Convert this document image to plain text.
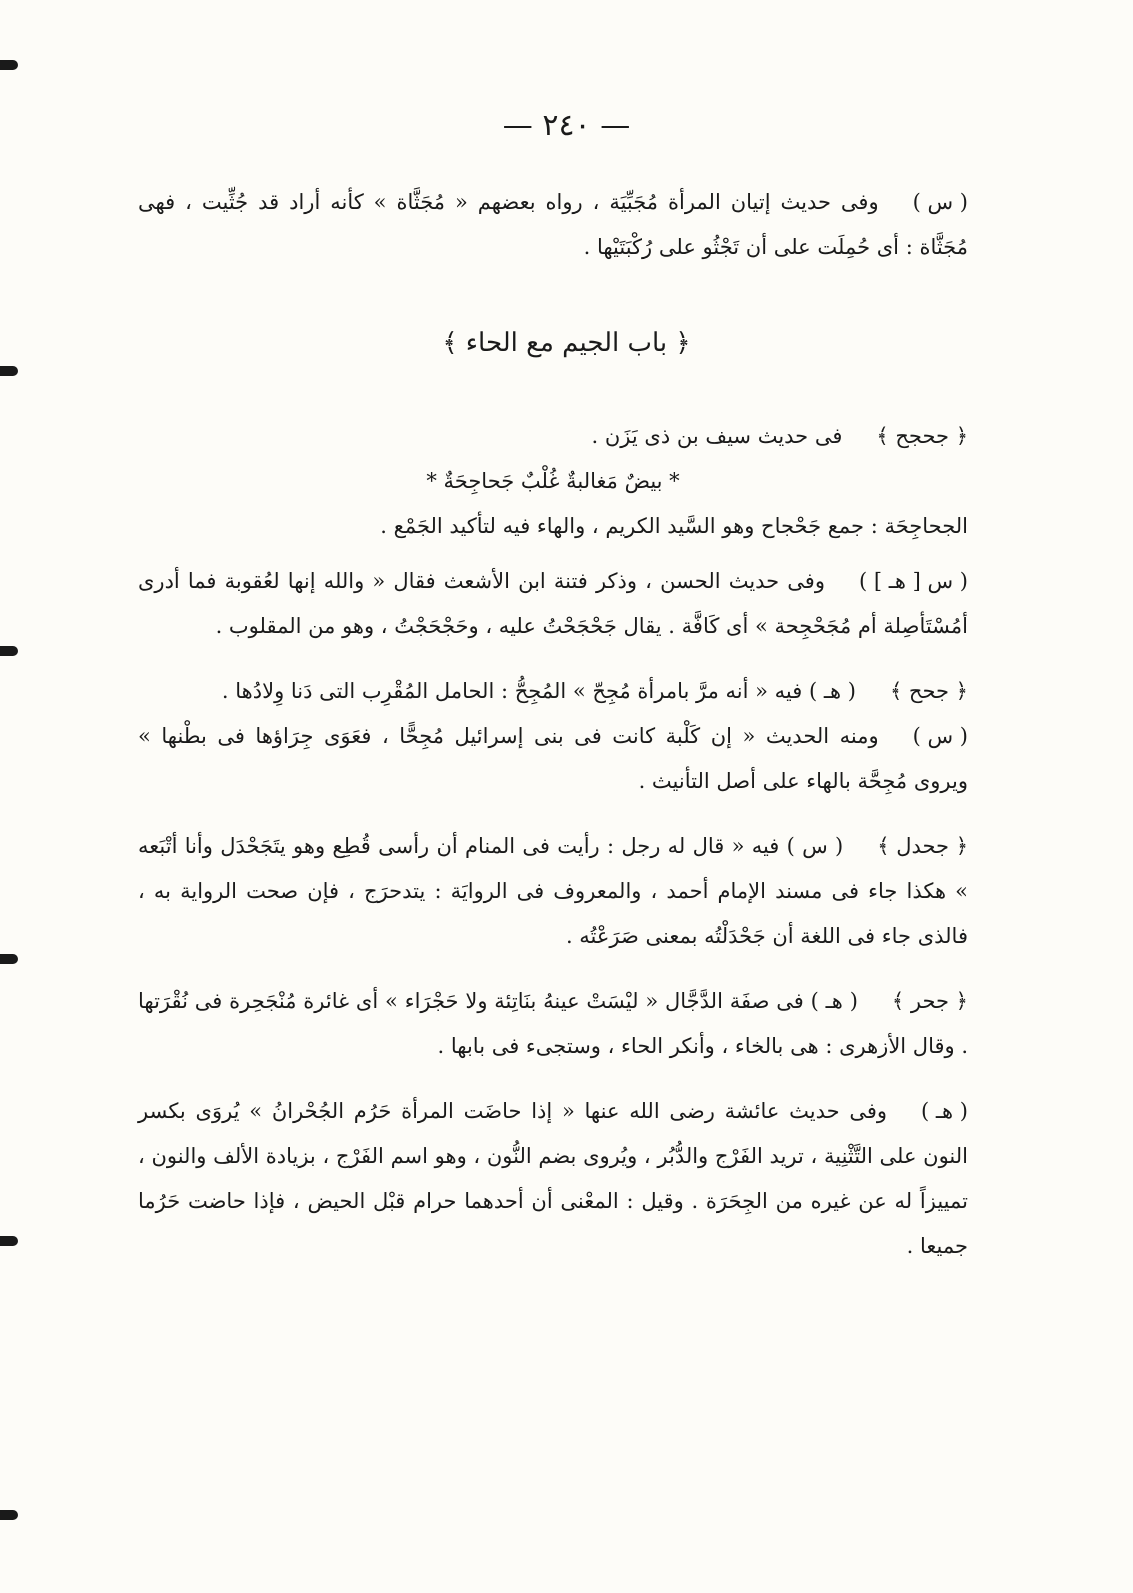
— ٢٤٠ —

( س )وفى حديث إتيان المرأة مُجَبِّيَة ، رواه بعضهم « مُجَثَّاة » كأنه أراد قد جُثِّيت ، فهى مُجَثَّاة : أى حُمِلَت على أن تَجْثُو على رُكْبَتَيْها .

﴿ باب الجيم مع الحاء ﴾

﴿ جحجح ﴾فى حديث سيف بن ذى يَزَن .

* بيضٌ مَغالبةٌ غُلْبٌ جَحاجِحَةٌ *

الجحاجِحَة : جمع جَحْجاح وهو السَّيد الكريم ، والهاء فيه لتأكيد الجَمْع .

( س [ هـ ] )وفى حديث الحسن ، وذكر فتنة ابن الأشعث فقال « والله إنها لعُقوبة فما أدرى أمُسْتَأصِلة أم مُجَحْجِحة » أى كَافَّة . يقال جَحْجَحْتُ عليه ، وحَجْحَجْتُ ، وهو من المقلوب .

﴿ جحح ﴾( هـ ) فيه « أنه مرَّ بامرأة مُجِحّ » المُجِحُّ : الحامل المُقْرِب التى دَنا وِلادُها .

( س )ومنه الحديث « إن كَلْبة كانت فى بنى إسرائيل مُجِحًّا ، فعَوَى جِرَاؤها فى بطْنها » ويروى مُجِحَّة بالهاء على أصل التأنيث .

﴿ جحدل ﴾( س ) فيه « قال له رجل : رأيت فى المنام أن رأسى قُطِع وهو يتَجَحْدَل وأنا أتْبَعه » هكذا جاء فى مسند الإمام أحمد ، والمعروف فى الروايَة : يتدحرَج ، فإن صحت الرواية به ، فالذى جاء فى اللغة أن جَحْدَلْتُه بمعنى صَرَعْتُه .

﴿ جحر ﴾( هـ ) فى صفَة الدَّجَّال « ليْسَتْ عينهُ بنَاتِئة ولا حَجْرَاء » أى غائرة مُنْجَحِرة فى نُقْرَتها . وقال الأزهرى : هى بالخاء ، وأنكر الحاء ، وستجىء فى بابها .

( هـ )وفى حديث عائشة رضى الله عنها « إذا حاضَت المرأة حَرُم الجُحْرانُ » يُروَى بكسر النون على التَّثْنِية ، تريد الفَرْج والدُّبُر ، ويُروى بضم النُّون ، وهو اسم الفَرْج ، بزيادة الألف والنون ، تمييزاً له عن غيره من الجِحَرَة . وقيل : المعْنى أن أحدهما حرام قبْل الحيض ، فإذا حاضت حَرُما جميعا .
